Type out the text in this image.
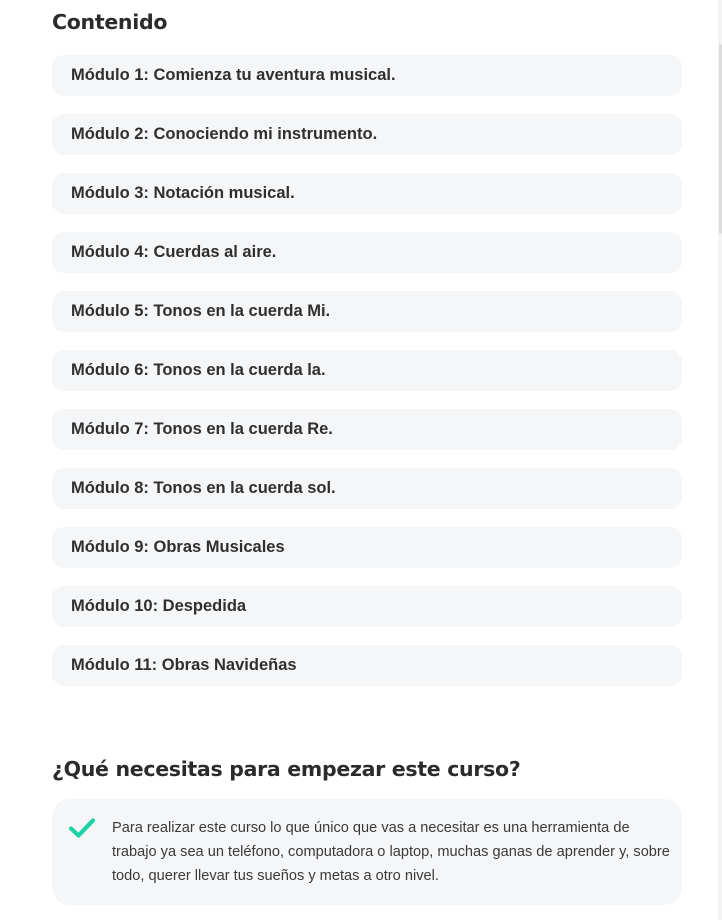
Contenido
Módulo 1: Comienza tu aventura musical.
Módulo 2: Conociendo mi instrumento.
Módulo 3: Notación musical.
Módulo 4: Cuerdas al aire.
Módulo 5: Tonos en la cuerda Mi.
Módulo 6: Tonos en la cuerda la.
Módulo 7: Tonos en la cuerda Re.
Módulo 8: Tonos en la cuerda sol.
Módulo 9: Obras Musicales
Módulo 10: Despedida
Módulo 11: Obras Navideñas
¿Qué necesitas para empezar este curso?

Para realizar este curso lo que único que vas a necesitar es una herramienta de trabajo ya sea un teléfono, computadora o laptop, muchas ganas de aprender y, sobre todo, querer llevar tus sueños y metas a otro nivel.
